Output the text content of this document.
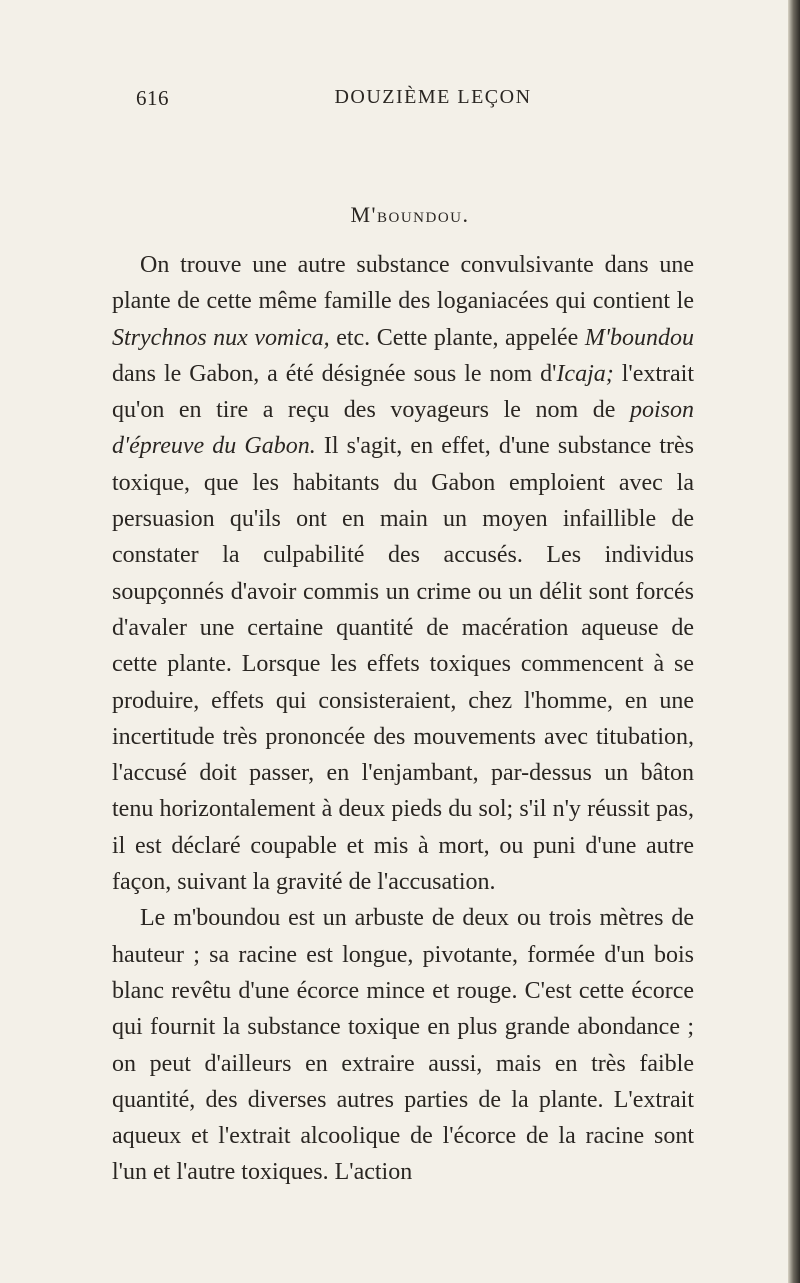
616	DOUZIÈME LEÇON
M'boundou.

On trouve une autre substance convulsivante dans une plante de cette même famille des loganiacées qui contient le Strychnos nux vomica, etc. Cette plante, appelée M'boundou dans le Gabon, a été désignée sous le nom d'Icaja; l'extrait qu'on en tire a reçu des voyageurs le nom de poison d'épreuve du Gabon. Il s'agit, en effet, d'une substance très toxique, que les habitants du Gabon emploient avec la persuasion qu'ils ont en main un moyen infaillible de constater la culpabilité des accusés. Les individus soupçonnés d'avoir commis un crime ou un délit sont forcés d'avaler une certaine quantité de macération aqueuse de cette plante. Lorsque les effets toxiques commencent à se produire, effets qui consisteraient, chez l'homme, en une incertitude très prononcée des mouvements avec titubation, l'accusé doit passer, en l'enjambant, par-dessus un bâton tenu horizontalement à deux pieds du sol; s'il n'y réussit pas, il est déclaré coupable et mis à mort, ou puni d'une autre façon, suivant la gravité de l'accusation.

Le m'boundou est un arbuste de deux ou trois mètres de hauteur ; sa racine est longue, pivotante, formée d'un bois blanc revêtu d'une écorce mince et rouge. C'est cette écorce qui fournit la substance toxique en plus grande abondance ; on peut d'ailleurs en extraire aussi, mais en très faible quantité, des diverses autres parties de la plante. L'extrait aqueux et l'extrait alcoolique de l'écorce de la racine sont l'un et l'autre toxiques. L'action
